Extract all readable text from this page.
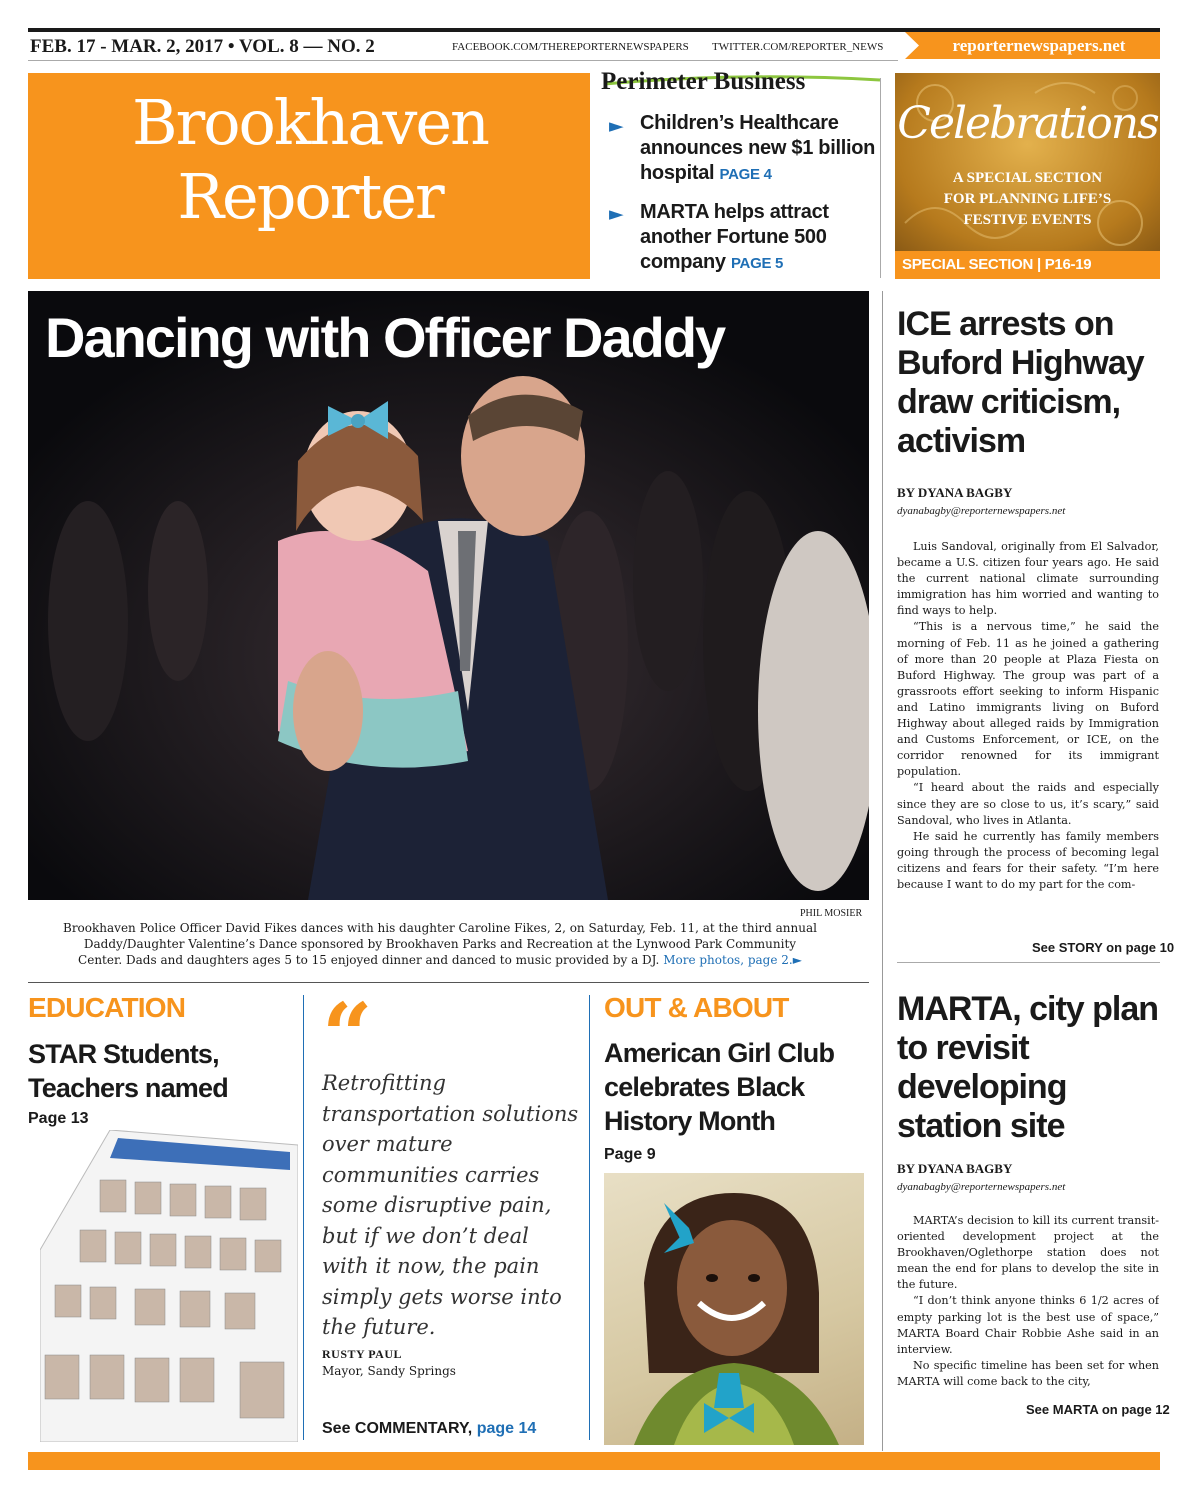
FEB. 17 - MAR. 2, 2017 • VOL. 8 — NO. 2	FACEBOOK.COM/THEREPORTERNEWSPAPERS TWITTER.COM/REPORTER_NEWS	reporternewspapers.net
Brookhaven
Reporter
Perimeter Business
► Children’s Healthcare announces new $1 billion hospital PAGE 4
► MARTA helps attract another Fortune 500 company PAGE 5
Celebrations
A SPECIAL SECTION
FOR PLANNING LIFE’S
FESTIVE EVENTS
SPECIAL SECTION | P16-19
Dancing with Officer Daddy
PHIL MOSIER
Brookhaven Police Officer David Fikes dances with his daughter Caroline Fikes, 2, on Saturday, Feb. 11, at the third annual
Daddy/Daughter Valentine’s Dance sponsored by Brookhaven Parks and Recreation at the Lynwood Park Community
Center. Dads and daughters ages 5 to 15 enjoyed dinner and danced to music provided by a DJ. More photos, page 2.►
ICE arrests on Buford Highway draw criticism, activism
BY DYANA BAGBY
dyanabagby@reporternewspapers.net

Luis Sandoval, originally from El Salvador, became a U.S. citizen four years ago. He said the current national climate surrounding immigration has him worried and wanting to find ways to help.

“This is a nervous time,” he said the morning of Feb. 11 as he joined a gathering of more than 20 people at Plaza Fiesta on Buford Highway. The group was part of a grassroots effort seeking to inform Hispanic and Latino immigrants living on Buford Highway about alleged raids by Immigration and Customs Enforcement, or ICE, on the corridor renowned for its immigrant population.

“I heard about the raids and especially since they are so close to us, it’s scary,” said Sandoval, who lives in Atlanta.

He said he currently has family members going through the process of becoming legal citizens and fears for their safety. “I’m here because I want to do my part for the com-

See STORY on page 10
MARTA, city plan to revisit developing station site
BY DYANA BAGBY
dyanabagby@reporternewspapers.net

MARTA’s decision to kill its current transit-oriented development project at the Brookhaven/Oglethorpe station does not mean the end for plans to develop the site in the future.

“I don’t think anyone thinks 6 1/2 acres of empty parking lot is the best use of space,” MARTA Board Chair Robbie Ashe said in an interview.

No specific timeline has been set for when MARTA will come back to the city,

See MARTA on page 12
EDUCATION
STAR Students, Teachers named
Page 13
“
Retrofitting transportation solutions over mature communities carries some disruptive pain, but if we don’t deal with it now, the pain simply gets worse into the future.
RUSTY PAUL
Mayor, Sandy Springs
See COMMENTARY, page 14
OUT & ABOUT
American Girl Club celebrates Black History Month
Page 9
